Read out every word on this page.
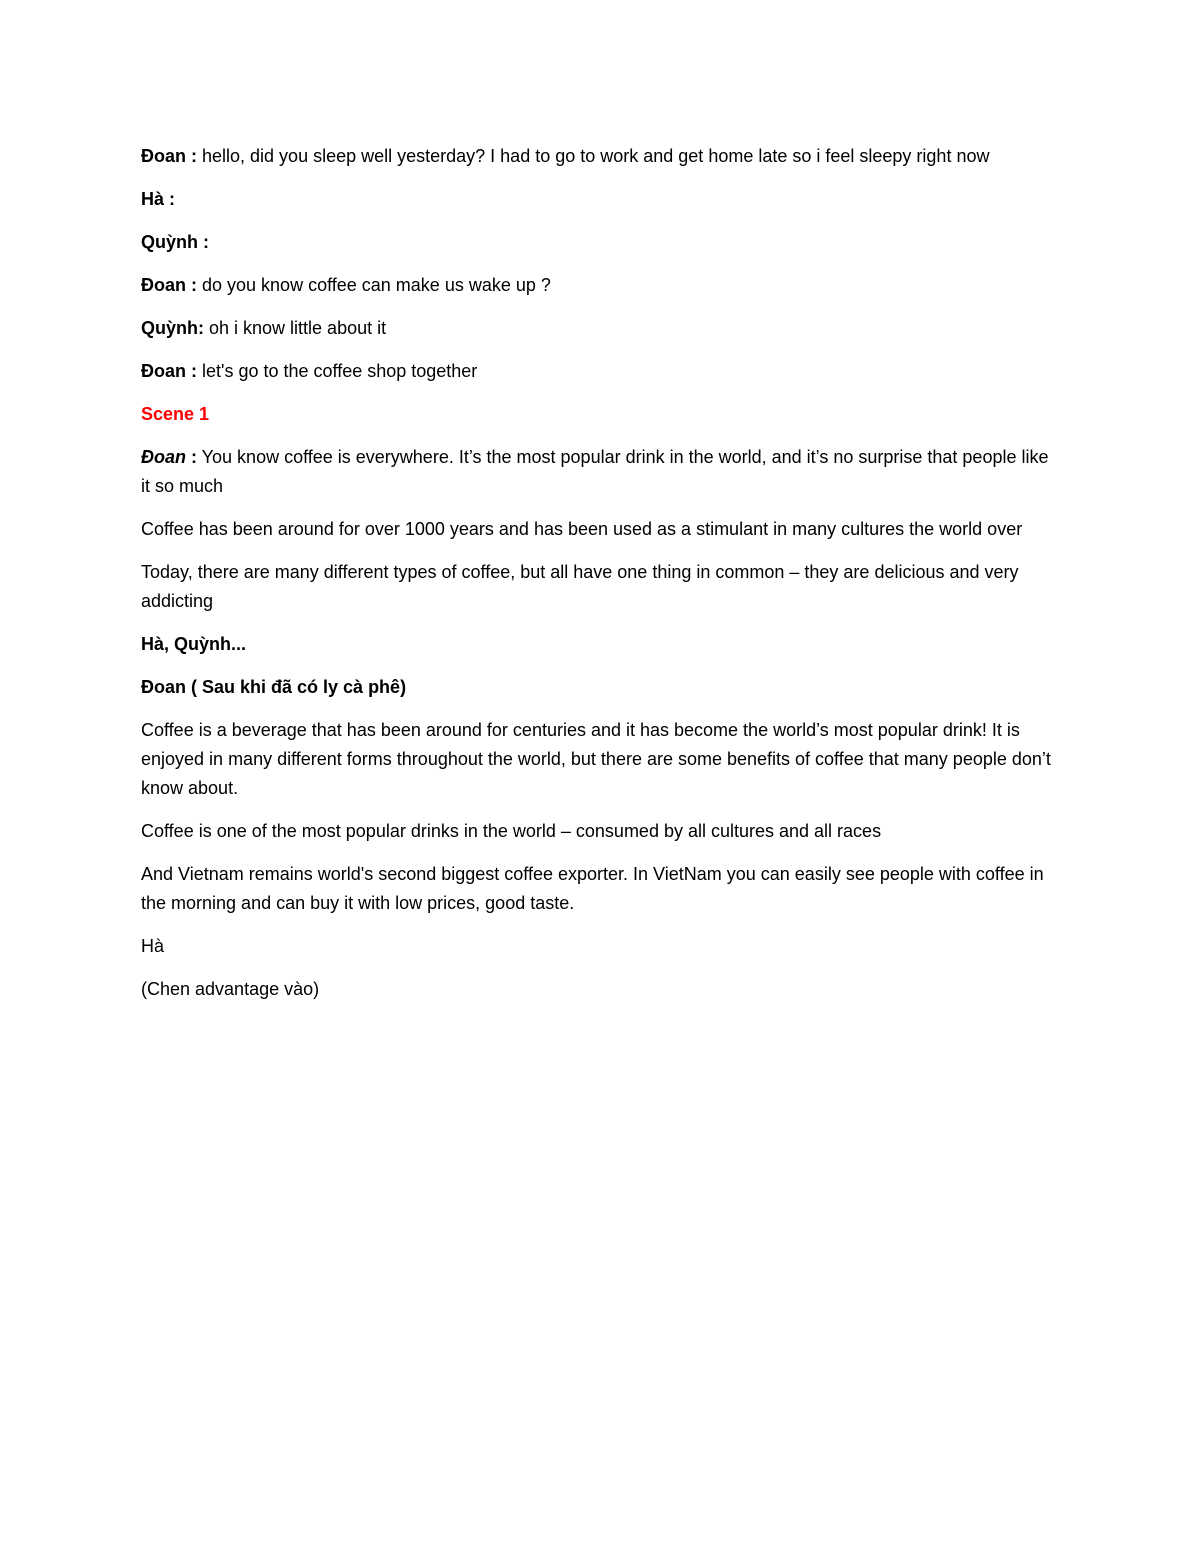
Đoan : hello, did you sleep well yesterday? I had to go to work and get home late so i feel sleepy right now

Hà :

Quỳnh :

Đoan : do you know coffee can make us wake up ?

Quỳnh: oh i know little about it

Đoan : let's go to the coffee shop together

Scene 1

Đoan : You know coffee is everywhere. It’s the most popular drink in the world, and it’s no surprise that people like it so much

Coffee has been around for over 1000 years and has been used as a stimulant in many cultures the world over

Today, there are many different types of coffee, but all have one thing in common – they are delicious and very addicting

Hà, Quỳnh...

Đoan ( Sau khi đã có ly cà phê)

Coffee is a beverage that has been around for centuries and it has become the world’s most popular drink! It is enjoyed in many different forms throughout the world, but there are some benefits of coffee that many people don’t know about.

Coffee is one of the most popular drinks in the world – consumed by all cultures and all races

And Vietnam remains world's second biggest coffee exporter. In VietNam you can easily see people with coffee in the morning and can buy it with low prices, good taste.

Hà

(Chen advantage vào)
